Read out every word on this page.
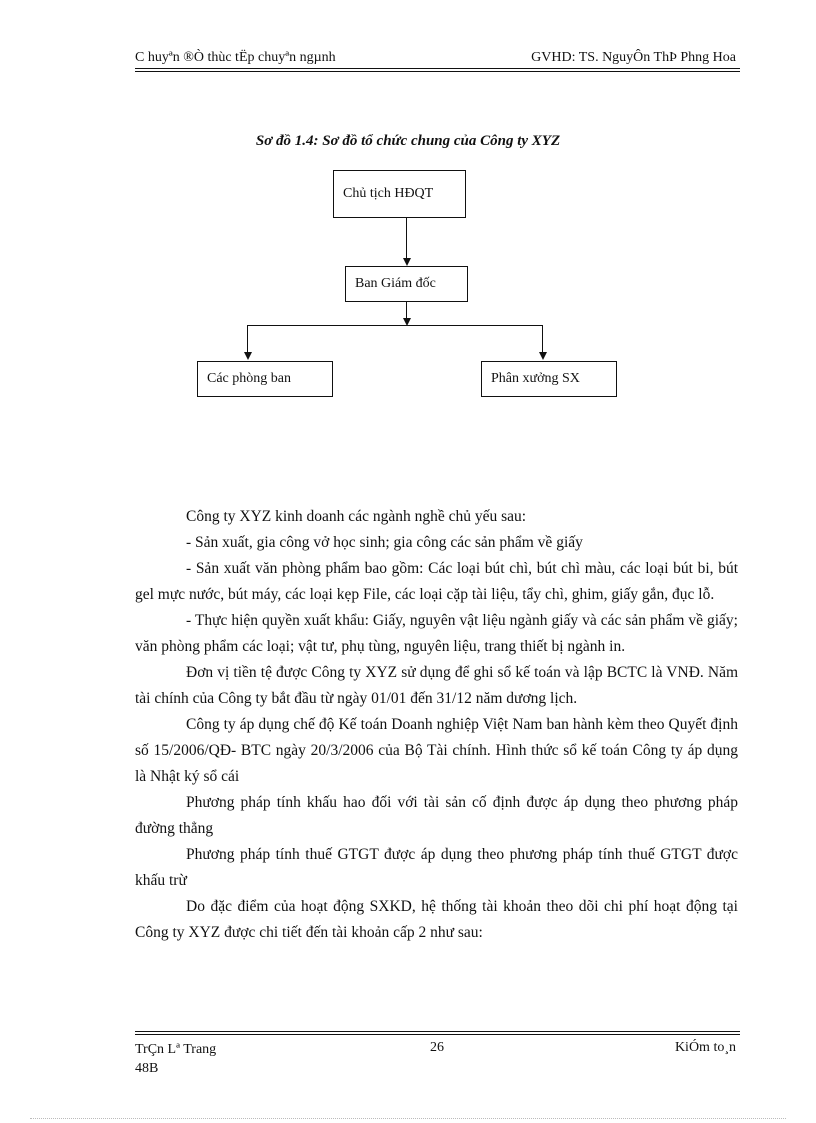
C huyªn ®Ò thùc tËp chuyªn ngµnh	GVHD: TS. NguyÔn ThÞ Phng Hoa
Sơ đồ 1.4: Sơ đồ tổ chức chung của Công ty XYZ
Chủ tịch HĐQT
Ban Giám đốc
Các phòng ban	Phân xưởng SX

Công ty XYZ kinh doanh các ngành nghề chủ yếu sau:

- Sản xuất, gia công vở học sinh; gia công các sản phẩm về giấy

- Sản xuất văn phòng phẩm bao gồm: Các loại bút chì, bút chì màu, các loại bút bi, bút gel mực nước, bút máy, các loại kẹp File, các loại cặp tài liệu, tẩy chì, ghim, giấy gắn, đục lỗ.

- Thực hiện quyền xuất khẩu: Giấy, nguyên vật liệu ngành giấy và các sản phẩm về giấy; văn phòng phẩm các loại; vật tư, phụ tùng, nguyên liệu, trang thiết bị ngành in.

Đơn vị tiền tệ được Công ty XYZ sử dụng để ghi sổ kế toán và lập BCTC là VNĐ. Năm tài chính của Công ty bắt đầu từ ngày 01/01 đến 31/12 năm dương lịch.

Công ty áp dụng chế độ Kế toán Doanh nghiệp Việt Nam ban hành kèm theo Quyết định số 15/2006/QĐ- BTC ngày 20/3/2006 của Bộ Tài chính. Hình thức sổ kế toán Công ty áp dụng là Nhật ký sổ cái

Phương pháp tính khấu hao đối với tài sản cố định được áp dụng theo phương pháp đường thẳng

Phương pháp tính thuế GTGT được áp dụng theo phương pháp tính thuế GTGT được khấu trừ

Do đặc điểm của hoạt động SXKD, hệ thống tài khoản theo dõi chi phí hoạt động tại Công ty XYZ được chi tiết đến tài khoản cấp 2 như sau:

TrÇn Lª Trang
48B
26	KiÓm to¸n
